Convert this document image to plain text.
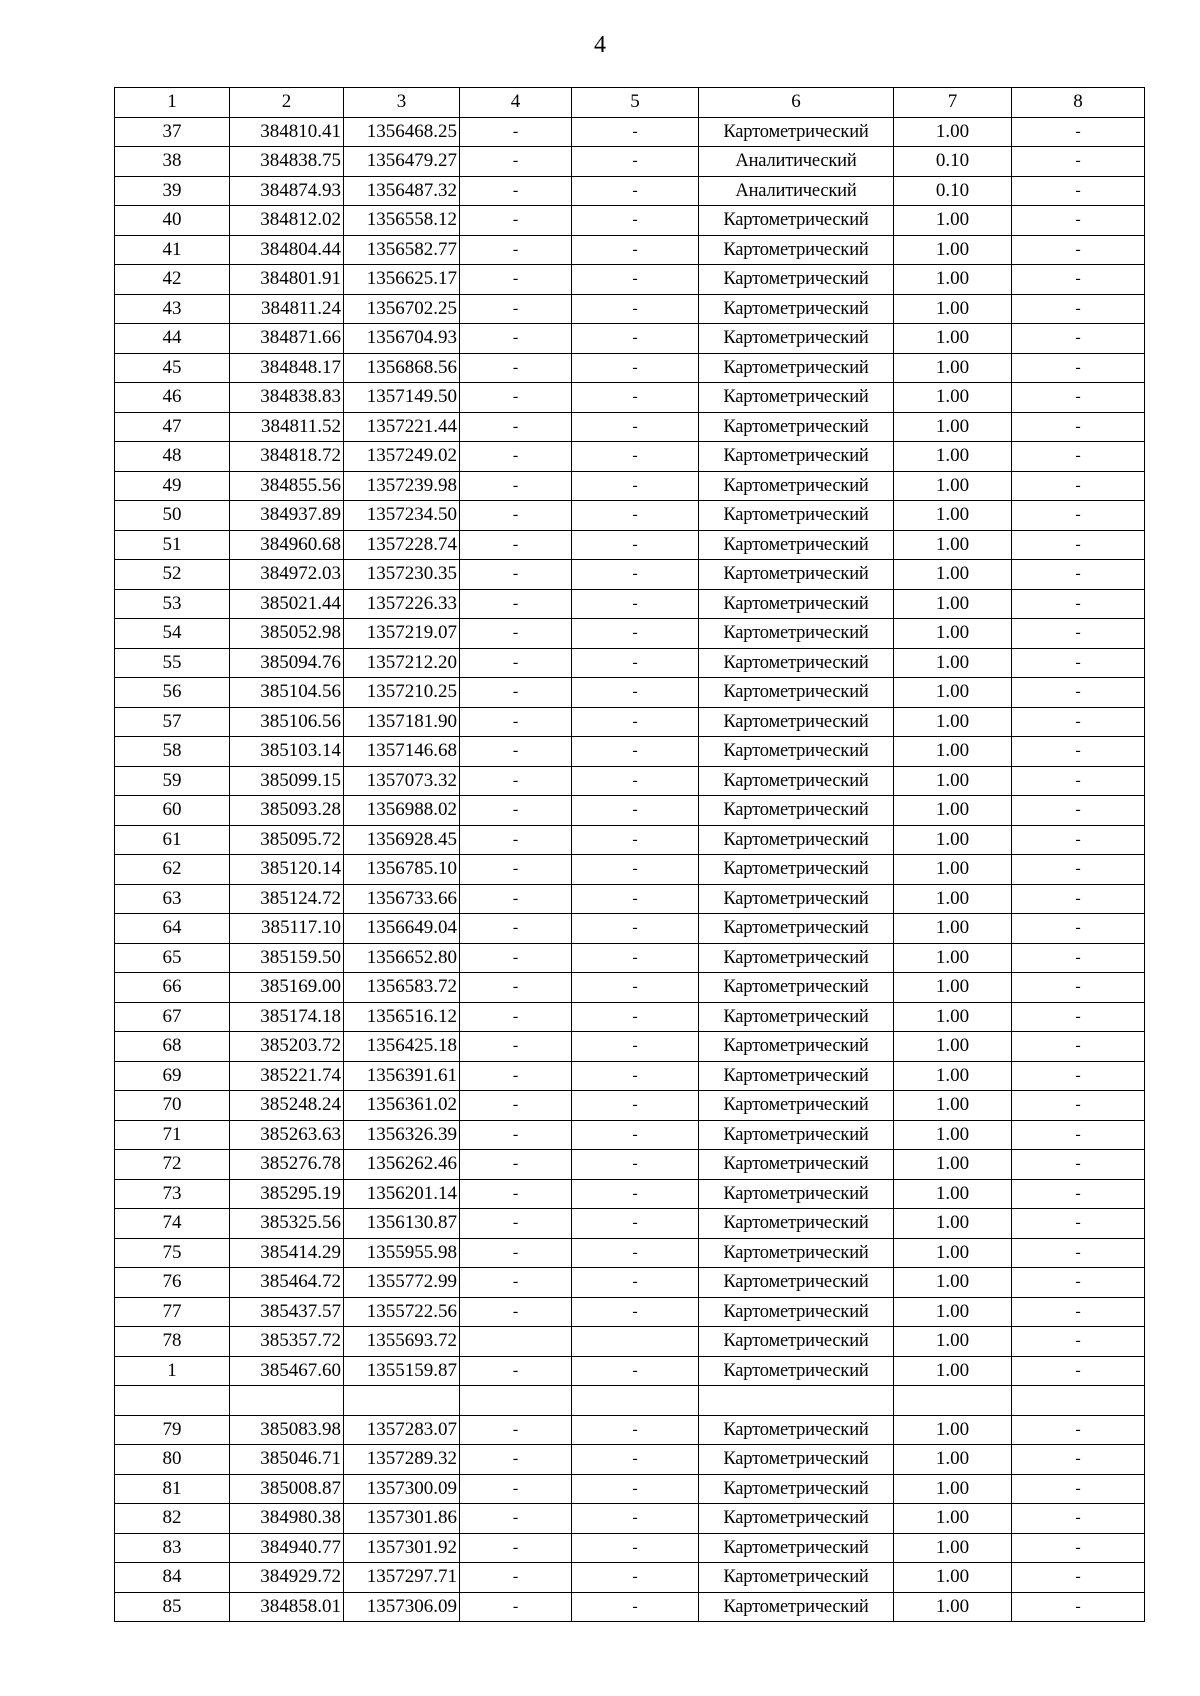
4
1	2	3	4	5	6	7	8
37	384810.41	1356468.25	-	-	Картометрический	1.00	-
38	384838.75	1356479.27	-	-	Аналитический	0.10	-
39	384874.93	1356487.32	-	-	Аналитический	0.10	-
40	384812.02	1356558.12	-	-	Картометрический	1.00	-
41	384804.44	1356582.77	-	-	Картометрический	1.00	-
42	384801.91	1356625.17	-	-	Картометрический	1.00	-
43	384811.24	1356702.25	-	-	Картометрический	1.00	-
44	384871.66	1356704.93	-	-	Картометрический	1.00	-
45	384848.17	1356868.56	-	-	Картометрический	1.00	-
46	384838.83	1357149.50	-	-	Картометрический	1.00	-
47	384811.52	1357221.44	-	-	Картометрический	1.00	-
48	384818.72	1357249.02	-	-	Картометрический	1.00	-
49	384855.56	1357239.98	-	-	Картометрический	1.00	-
50	384937.89	1357234.50	-	-	Картометрический	1.00	-
51	384960.68	1357228.74	-	-	Картометрический	1.00	-
52	384972.03	1357230.35	-	-	Картометрический	1.00	-
53	385021.44	1357226.33	-	-	Картометрический	1.00	-
54	385052.98	1357219.07	-	-	Картометрический	1.00	-
55	385094.76	1357212.20	-	-	Картометрический	1.00	-
56	385104.56	1357210.25	-	-	Картометрический	1.00	-
57	385106.56	1357181.90	-	-	Картометрический	1.00	-
58	385103.14	1357146.68	-	-	Картометрический	1.00	-
59	385099.15	1357073.32	-	-	Картометрический	1.00	-
60	385093.28	1356988.02	-	-	Картометрический	1.00	-
61	385095.72	1356928.45	-	-	Картометрический	1.00	-
62	385120.14	1356785.10	-	-	Картометрический	1.00	-
63	385124.72	1356733.66	-	-	Картометрический	1.00	-
64	385117.10	1356649.04	-	-	Картометрический	1.00	-
65	385159.50	1356652.80	-	-	Картометрический	1.00	-
66	385169.00	1356583.72	-	-	Картометрический	1.00	-
67	385174.18	1356516.12	-	-	Картометрический	1.00	-
68	385203.72	1356425.18	-	-	Картометрический	1.00	-
69	385221.74	1356391.61	-	-	Картометрический	1.00	-
70	385248.24	1356361.02	-	-	Картометрический	1.00	-
71	385263.63	1356326.39	-	-	Картометрический	1.00	-
72	385276.78	1356262.46	-	-	Картометрический	1.00	-
73	385295.19	1356201.14	-	-	Картометрический	1.00	-
74	385325.56	1356130.87	-	-	Картометрический	1.00	-
75	385414.29	1355955.98	-	-	Картометрический	1.00	-
76	385464.72	1355772.99	-	-	Картометрический	1.00	-
77	385437.57	1355722.56	-	-	Картометрический	1.00	-
78	385357.72	1355693.72			Картометрический	1.00	-
1	385467.60	1355159.87	-	-	Картометрический	1.00	-

79	385083.98	1357283.07	-	-	Картометрический	1.00	-
80	385046.71	1357289.32	-	-	Картометрический	1.00	-
81	385008.87	1357300.09	-	-	Картометрический	1.00	-
82	384980.38	1357301.86	-	-	Картометрический	1.00	-
83	384940.77	1357301.92	-	-	Картометрический	1.00	-
84	384929.72	1357297.71	-	-	Картометрический	1.00	-
85	384858.01	1357306.09	-	-	Картометрический	1.00	-
